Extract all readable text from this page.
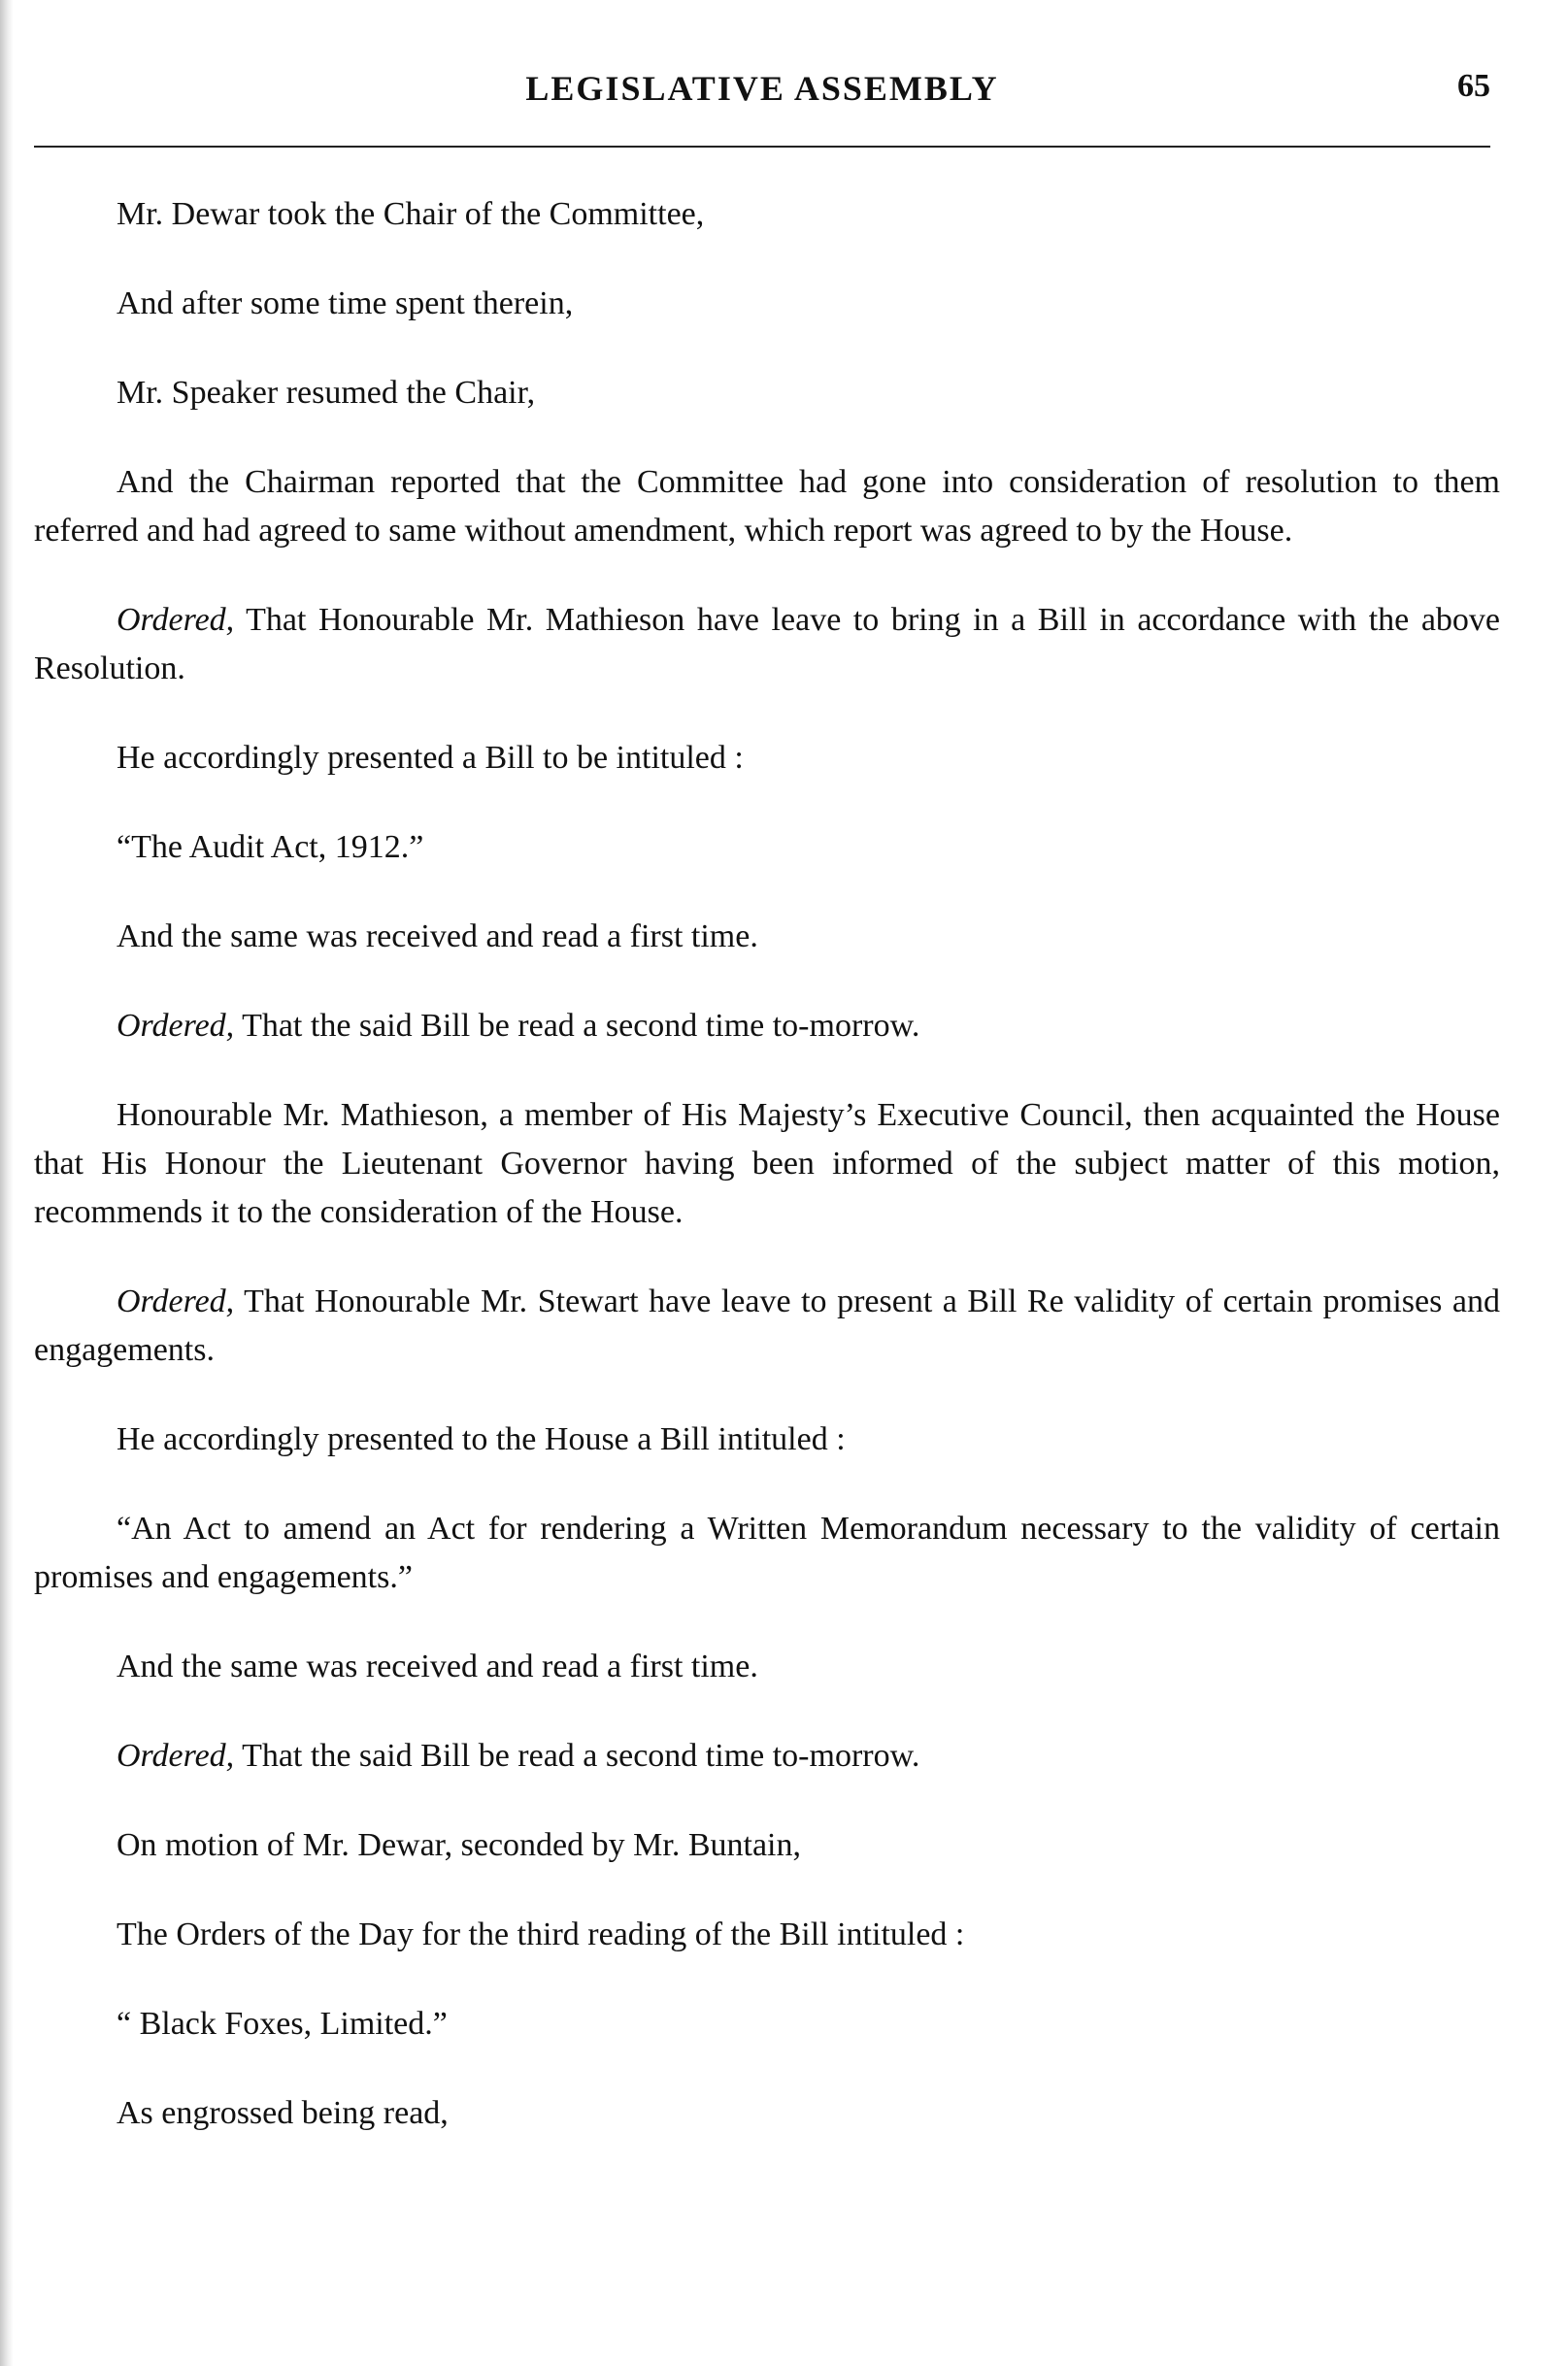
LEGISLATIVE ASSEMBLY	65

Mr. Dewar took the Chair of the Committee,

And after some time spent therein,

Mr. Speaker resumed the Chair,

And the Chairman reported that the Committee had gone into consideration of resolution to them referred and had agreed to same without amendment, which report was agreed to by the House.

Ordered, That Honourable Mr. Mathieson have leave to bring in a Bill in accordance with the above Resolution.

He accordingly presented a Bill to be intituled :

“The Audit Act, 1912.”

And the same was received and read a first time.

Ordered, That the said Bill be read a second time to-morrow.

Honourable Mr. Mathieson, a member of His Majesty’s Executive Council, then acquainted the House that His Honour the Lieutenant Governor having been informed of the subject matter of this motion, recommends it to the consideration of the House.

Ordered, That Honourable Mr. Stewart have leave to present a Bill Re validity of certain promises and engagements.

He accordingly presented to the House a Bill intituled :

“An Act to amend an Act for rendering a Written Memorandum necessary to the validity of certain promises and engagements.”

And the same was received and read a first time.

Ordered, That the said Bill be read a second time to-morrow.

On motion of Mr. Dewar, seconded by Mr. Buntain,

The Orders of the Day for the third reading of the Bill intituled :

“ Black Foxes, Limited.”

As engrossed being read,
